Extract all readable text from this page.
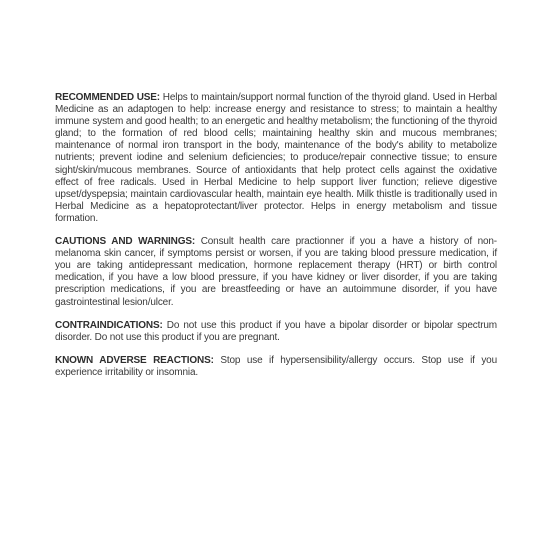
RECOMMENDED USE: Helps to maintain/support normal function of the thyroid gland. Used in Herbal Medicine as an adaptogen to help: increase energy and resistance to stress; to maintain a healthy immune system and good health; to an energetic and healthy metabolism; the functioning of the thyroid gland; to the formation of red blood cells; maintaining healthy skin and mucous membranes; maintenance of normal iron transport in the body, maintenance of the body's ability to metabolize nutrients; prevent iodine and selenium deficiencies; to produce/repair connective tissue; to ensure sight/skin/mucous membranes. Source of antioxidants that help protect cells against the oxidative effect of free radicals. Used in Herbal Medicine to help support liver function; relieve digestive upset/dyspepsia; maintain cardiovascular health, maintain eye health. Milk thistle is traditionally used in Herbal Medicine as a hepatoprotectant/liver protector. Helps in energy metabolism and tissue formation.

CAUTIONS AND WARNINGS: Consult health care practionner if you a have a history of non-melanoma skin cancer, if symptoms persist or worsen, if you are taking blood pressure medication, if you are taking antidepressant medication, hormone replacement therapy (HRT) or birth control medication, if you have a low blood pressure, if you have kidney or liver disorder, if you are taking prescription medications, if you are breastfeeding or have an autoimmune disorder, if you have gastrointestinal lesion/ulcer.

CONTRAINDICATIONS: Do not use this product if you have a bipolar disorder or bipolar spectrum disorder. Do not use this product if you are pregnant.

KNOWN ADVERSE REACTIONS: Stop use if hypersensibility/allergy occurs. Stop use if you experience irritability or insomnia.
